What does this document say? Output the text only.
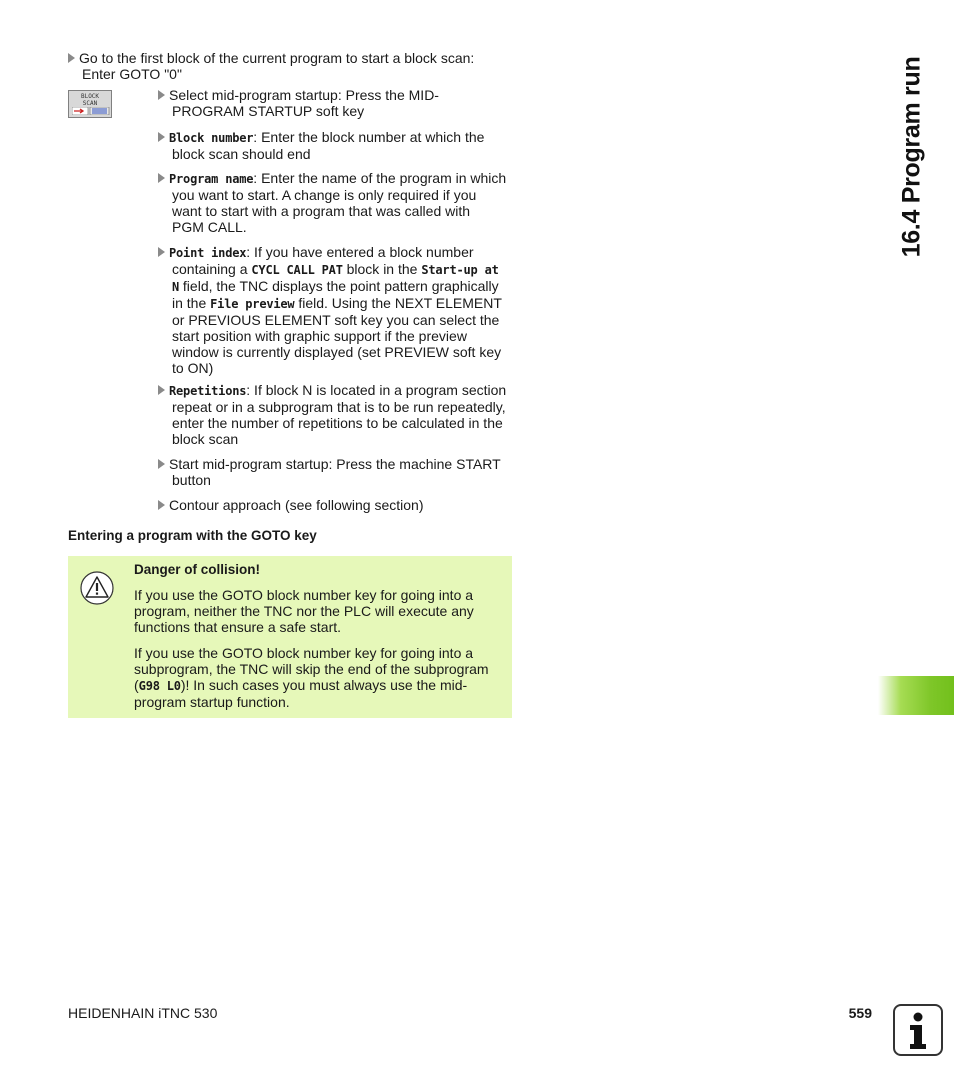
16.4 Program run
Go to the first block of the current program to start a block scan:
Enter GOTO "0"
BLOCK
SCAN
Select mid-program startup: Press the MID-
PROGRAM STARTUP soft key
Block number: Enter the block number at which the
block scan should end
Program name: Enter the name of the program in which
you want to start. A change is only required if you
want to start with a program that was called with
PGM CALL.
Point index: If you have entered a block number
containing a CYCL CALL PAT block in the Start-up at
N field, the TNC displays the point pattern graphically
in the File preview field. Using the NEXT ELEMENT
or PREVIOUS ELEMENT soft key you can select the
start position with graphic support if the preview
window is currently displayed (set PREVIEW soft key
to ON)
Repetitions: If block N is located in a program section
repeat or in a subprogram that is to be run repeatedly,
enter the number of repetitions to be calculated in the
block scan
Start mid-program startup: Press the machine START
button
Contour approach (see following section)
Entering a program with the GOTO key
Danger of collision!
If you use the GOTO block number key for going into a
program, neither the TNC nor the PLC will execute any
functions that ensure a safe start.
If you use the GOTO block number key for going into a
subprogram, the TNC will skip the end of the subprogram
(G98 L0)! In such cases you must always use the mid-
program startup function.
HEIDENHAIN iTNC 530	559
